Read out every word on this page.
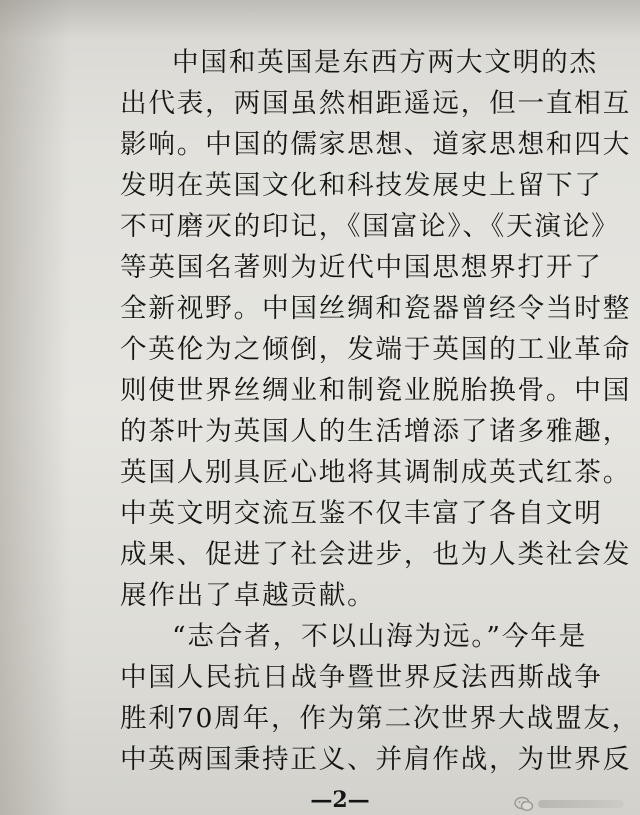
中国和英国是东西方两大文明的杰
出代表，两国虽然相距遥远，但一直相互
影响。中国的儒家思想、道家思想和四大
发明在英国文化和科技发展史上留下了
不可磨灭的印记，《国富论》、《天演论》
等英国名著则为近代中国思想界打开了
全新视野。中国丝绸和瓷器曾经令当时整
个英伦为之倾倒，发端于英国的工业革命
则使世界丝绸业和制瓷业脱胎换骨。中国
的茶叶为英国人的生活增添了诸多雅趣，
英国人别具匠心地将其调制成英式红茶。
中英文明交流互鉴不仅丰富了各自文明
成果、促进了社会进步，也为人类社会发
展作出了卓越贡献。
“志合者，不以山海为远。”今年是
中国人民抗日战争暨世界反法西斯战争
胜利70周年，作为第二次世界大战盟友，
中英两国秉持正义、并肩作战，为世界反
—2—
